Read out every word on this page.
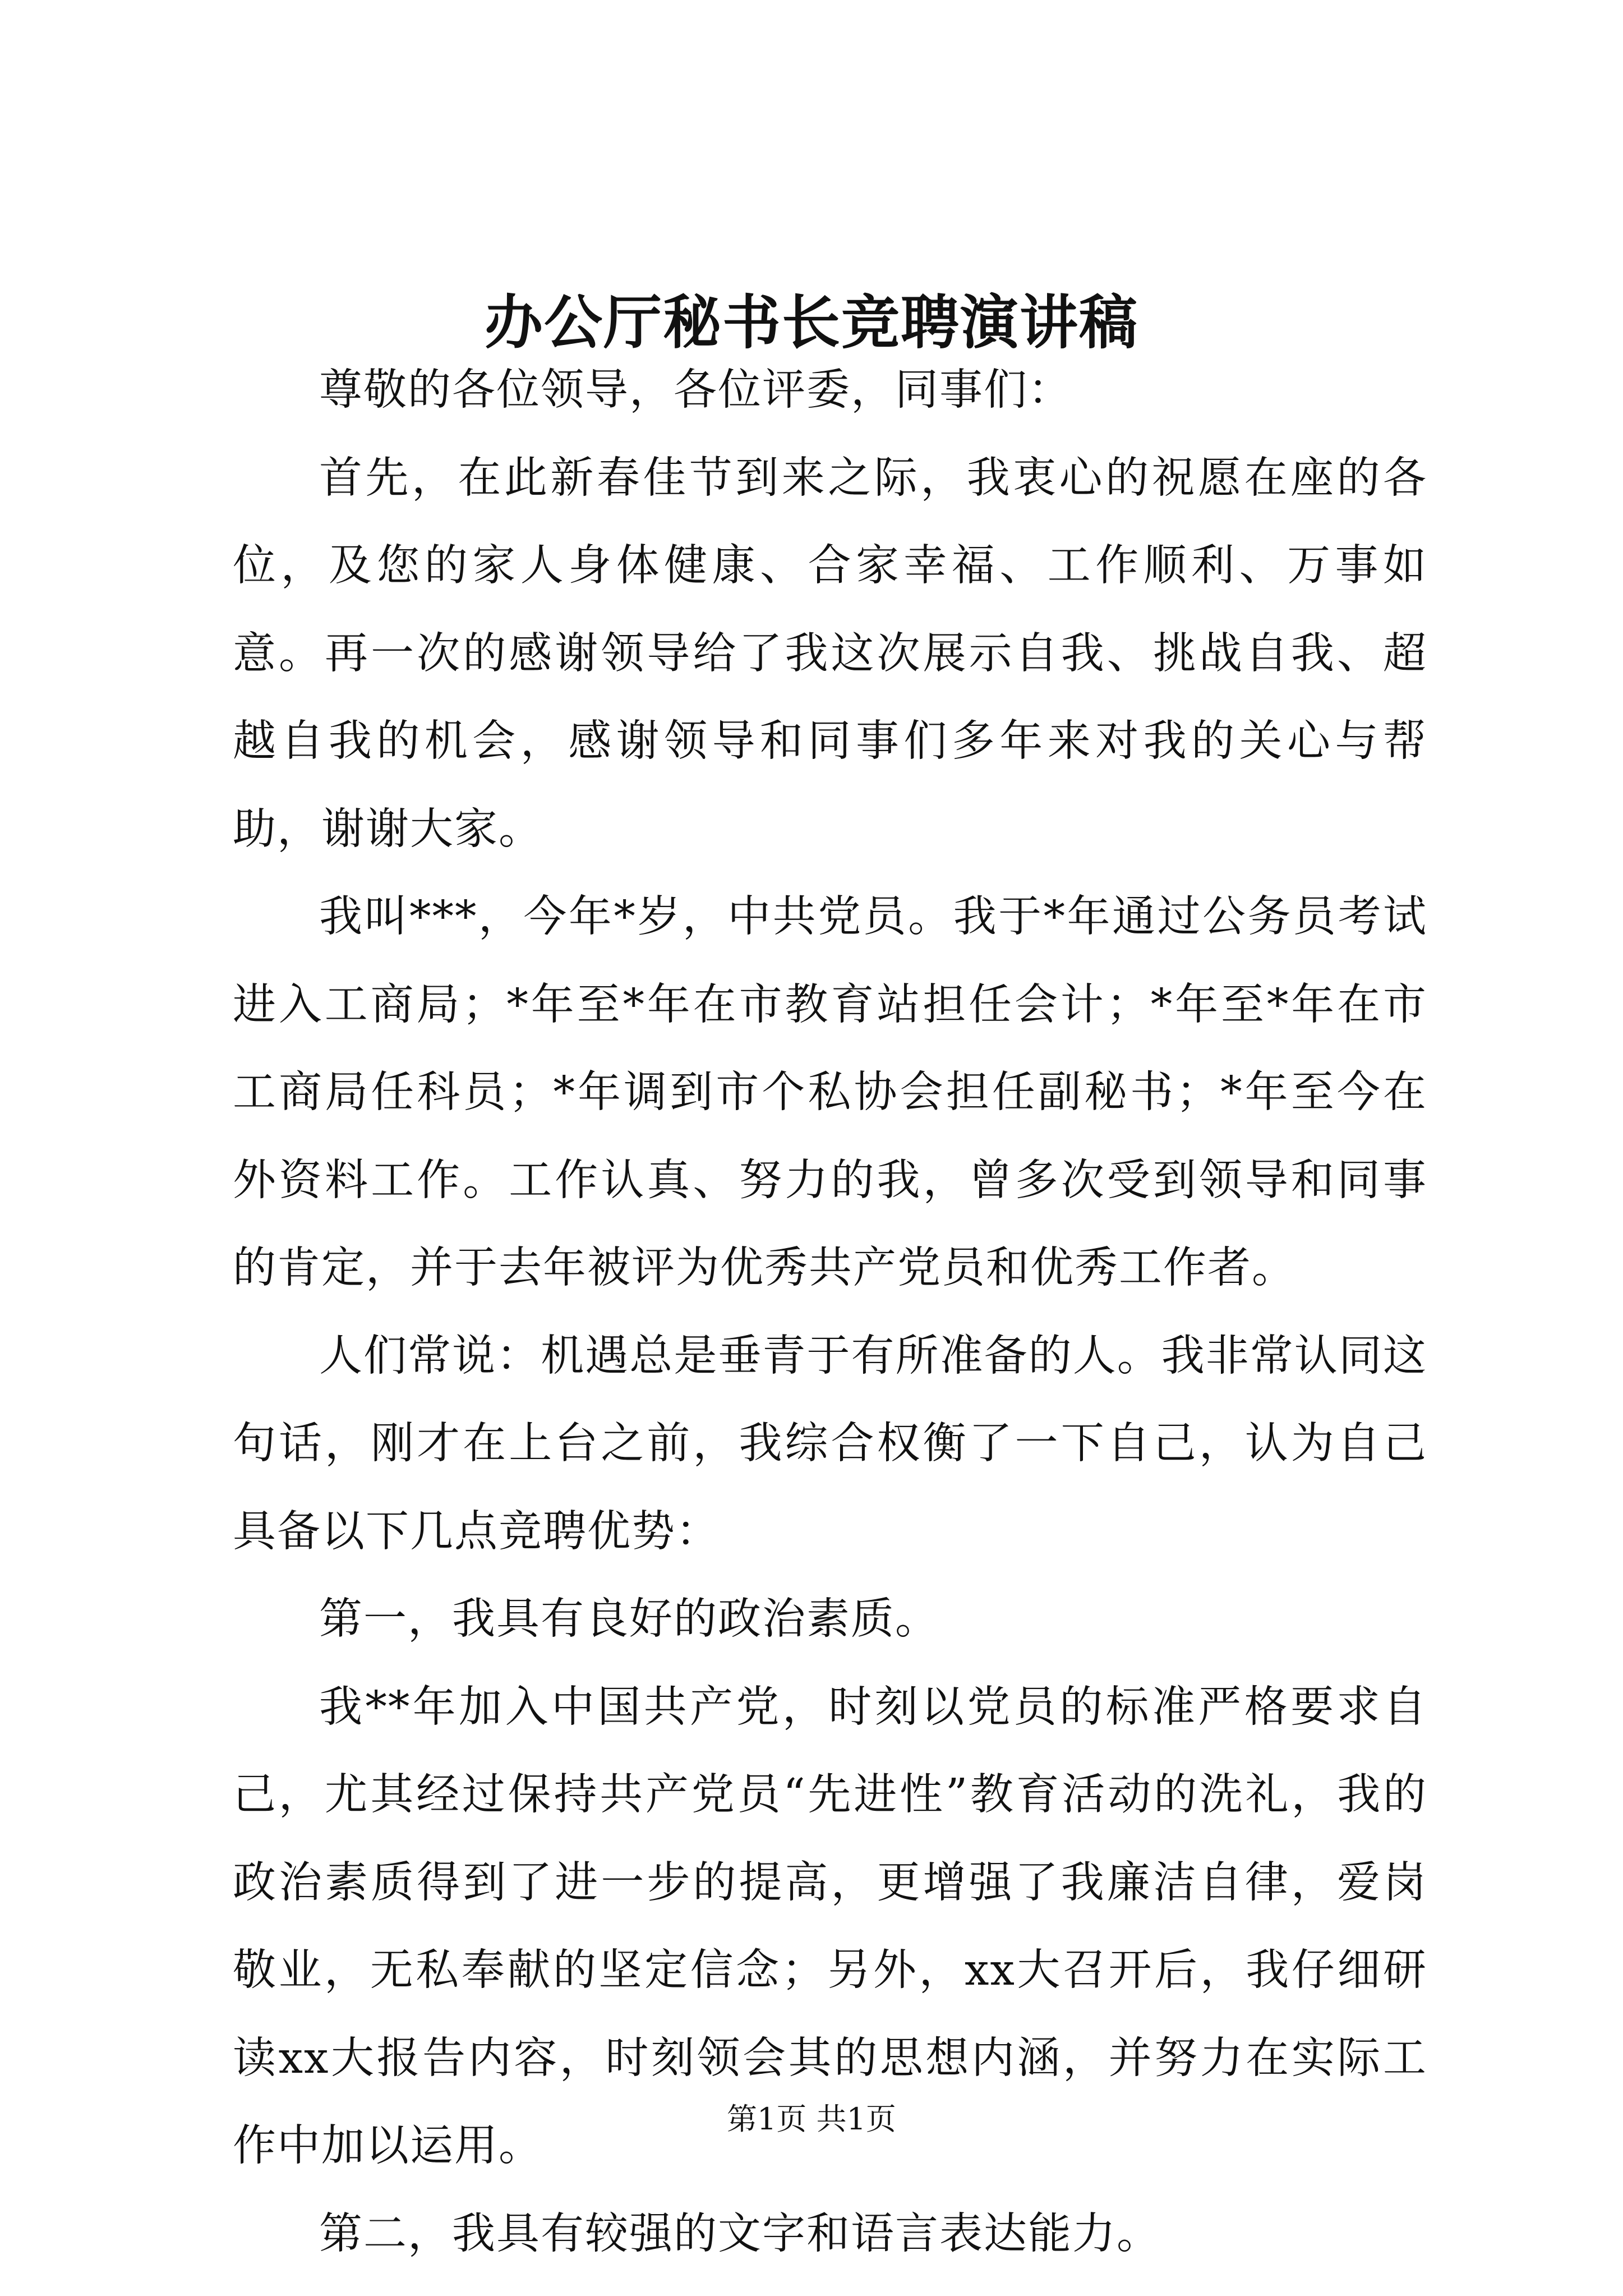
办公厅秘书长竞聘演讲稿

尊敬的各位领导，各位评委，同事们：

首先，在此新春佳节到来之际，我衷心的祝愿在座的各位，及您的家人身体健康、合家幸福、工作顺利、万事如意。再一次的感谢领导给了我这次展示自我、挑战自我、超越自我的机会，感谢领导和同事们多年来对我的关心与帮助，谢谢大家。

我叫***，今年*岁，中共党员。我于*年通过公务员考试进入工商局；*年至*年在市教育站担任会计；*年至*年在市工商局任科员；*年调到市个私协会担任副秘书；*年至今在外资料工作。工作认真、努力的我，曾多次受到领导和同事的肯定，并于去年被评为优秀共产党员和优秀工作者。

人们常说：机遇总是垂青于有所准备的人。我非常认同这句话，刚才在上台之前，我综合权衡了一下自己，认为自己具备以下几点竞聘优势：

第一，我具有良好的政治素质。

我**年加入中国共产党，时刻以党员的标准严格要求自己，尤其经过保持共产党员“先进性”教育活动的洗礼，我的政治素质得到了进一步的提高，更增强了我廉洁自律，爱岗敬业，无私奉献的坚定信念；另外，xx大召开后，我仔细研读xx大报告内容，时刻领会其的思想内涵，并努力在实际工作中加以运用。

第二，我具有较强的文字和语言表达能力。

第1页 共1页
